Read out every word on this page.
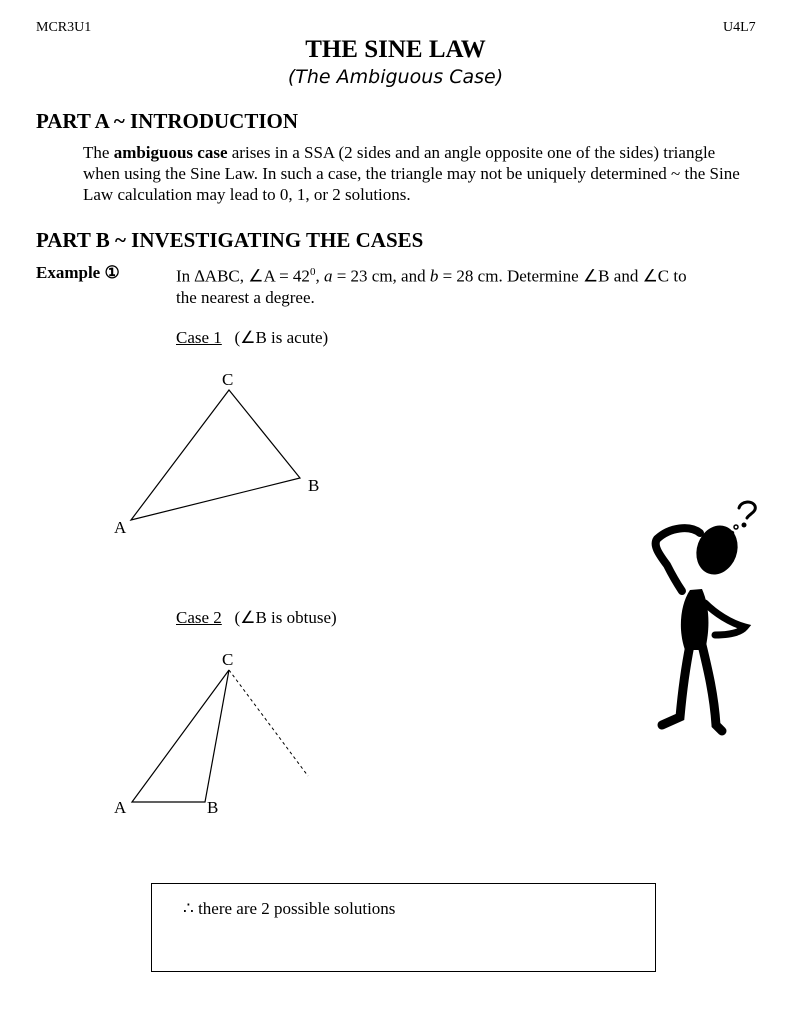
MCR3U1	U4L7
THE SINE LAW
(The Ambiguous Case)
PART A ~ INTRODUCTION
The ambiguous case arises in a SSA (2 sides and an angle opposite one of the sides) triangle when using the Sine Law. In such a case, the triangle may not be uniquely determined ~ the Sine Law calculation may lead to 0, 1, or 2 solutions.
PART B ~ INVESTIGATING THE CASES
Example ①	In ∆ABC, ∠A = $42^0$, a = 23 cm, and b = 28 cm. Determine ∠B and ∠C to
the nearest a degree.
Case 1 (∠B is acute)
C
B
A
Case 2 (∠B is obtuse)
C
A	B
∴ there are 2 possible solutions
